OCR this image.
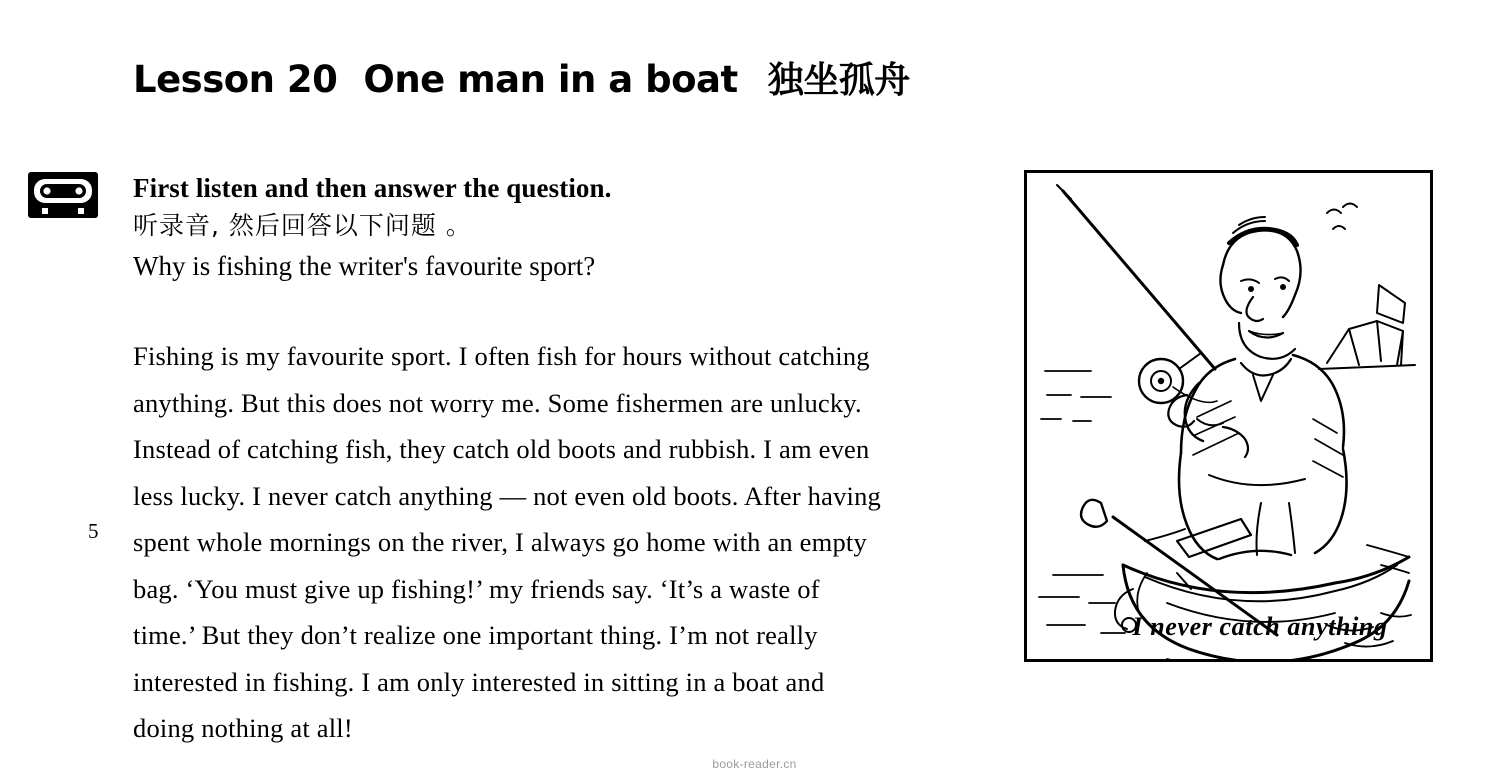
Lesson 20 One man in a boat 独坐孤舟
First listen and then answer the question.
听录音, 然后回答以下问题 。
Why is fishing the writer's favourite sport?
5
Fishing is my favourite sport. I often fish for hours without catching
anything. But this does not worry me. Some fishermen are unlucky.
Instead of catching fish, they catch old boots and rubbish. I am even
less lucky. I never catch anything — not even old boots. After having
spent whole mornings on the river, I always go home with an empty
bag. ‘You must give up fishing!’ my friends say. ‘It’s a waste of
time.’ But they don’t realize one important thing. I’m not really
interested in fishing. I am only interested in sitting in a boat and
doing nothing at all!
I never catch anything
book-reader.cn
